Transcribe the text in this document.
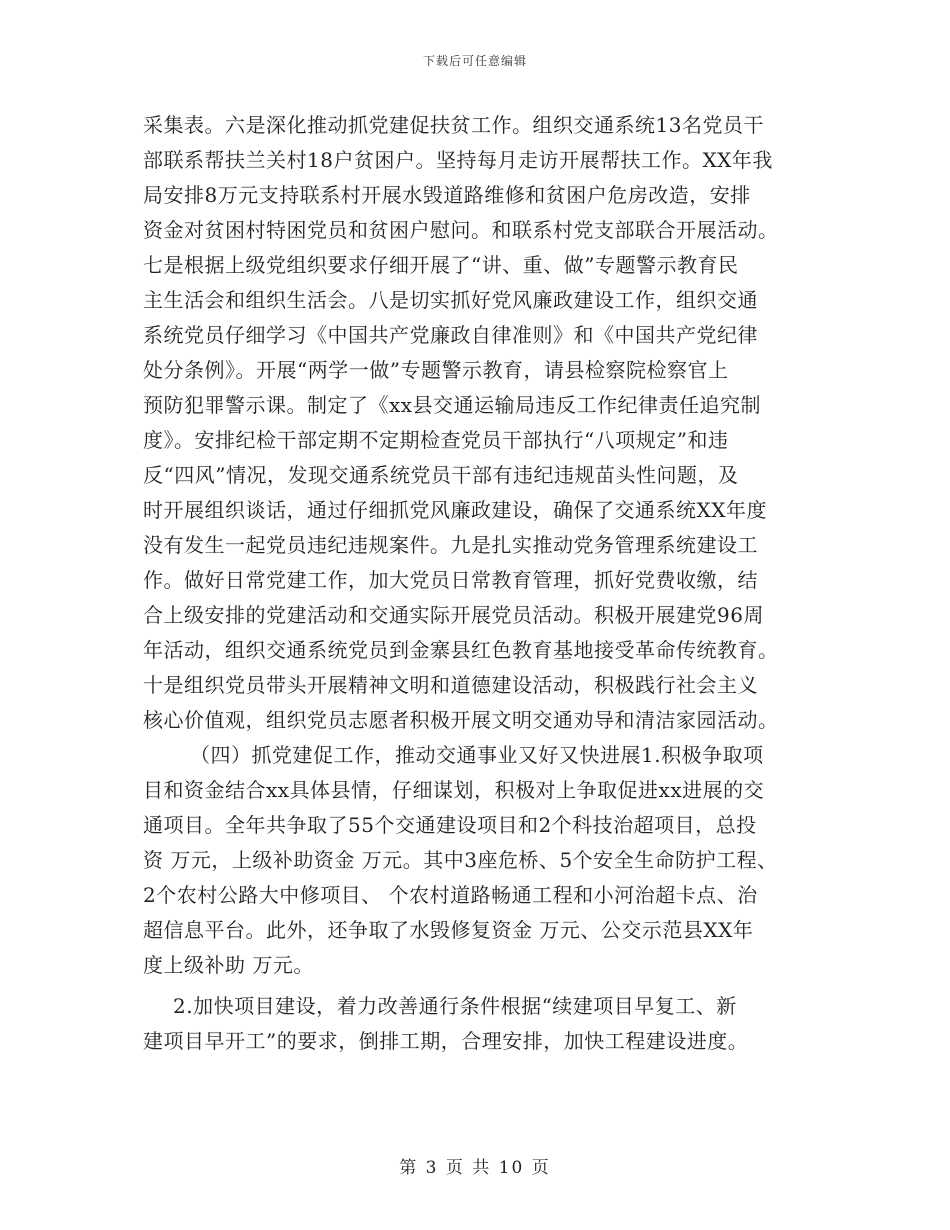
下载后可任意编辑
采集表。六是深化推动抓党建促扶贫工作。组织交通系统13名党员干
部联系帮扶兰关村18户贫困户。坚持每月走访开展帮扶工作。XX年我
局安排8万元支持联系村开展水毁道路维修和贫困户危房改造，安排
资金对贫困村特困党员和贫困户慰问。和联系村党支部联合开展活动。
七是根据上级党组织要求仔细开展了“讲、重、做”专题警示教育民
主生活会和组织生活会。八是切实抓好党风廉政建设工作，组织交通
系统党员仔细学习《中国共产党廉政自律准则》和《中国共产党纪律
处分条例》。开展“两学一做”专题警示教育，请县检察院检察官上
预防犯罪警示课。制定了《xx县交通运输局违反工作纪律责任追究制
度》。安排纪检干部定期不定期检查党员干部执行“八项规定”和违
反“四风”情况，发现交通系统党员干部有违纪违规苗头性问题，及
时开展组织谈话，通过仔细抓党风廉政建设，确保了交通系统XX年度
没有发生一起党员违纪违规案件。九是扎实推动党务管理系统建设工
作。做好日常党建工作，加大党员日常教育管理，抓好党费收缴，结
合上级安排的党建活动和交通实际开展党员活动。积极开展建党96周
年活动，组织交通系统党员到金寨县红色教育基地接受革命传统教育。
十是组织党员带头开展精神文明和道德建设活动，积极践行社会主义
核心价值观，组织党员志愿者积极开展文明交通劝导和清洁家园活动。
（四）抓党建促工作，推动交通事业又好又快进展1.积极争取项
目和资金结合xx具体县情，仔细谋划，积极对上争取促进xx进展的交
通项目。全年共争取了55个交通建设项目和2个科技治超项目，总投
资 万元，上级补助资金 万元。其中3座危桥、5个安全生命防护工程、
2个农村公路大中修项目、 个农村道路畅通工程和小河治超卡点、治
超信息平台。此外，还争取了水毁修复资金 万元、公交示范县XX年
度上级补助 万元。
2.加快项目建设，着力改善通行条件根据“续建项目早复工、新
建项目早开工”的要求，倒排工期，合理安排，加快工程建设进度。
第 3 页 共 10 页
